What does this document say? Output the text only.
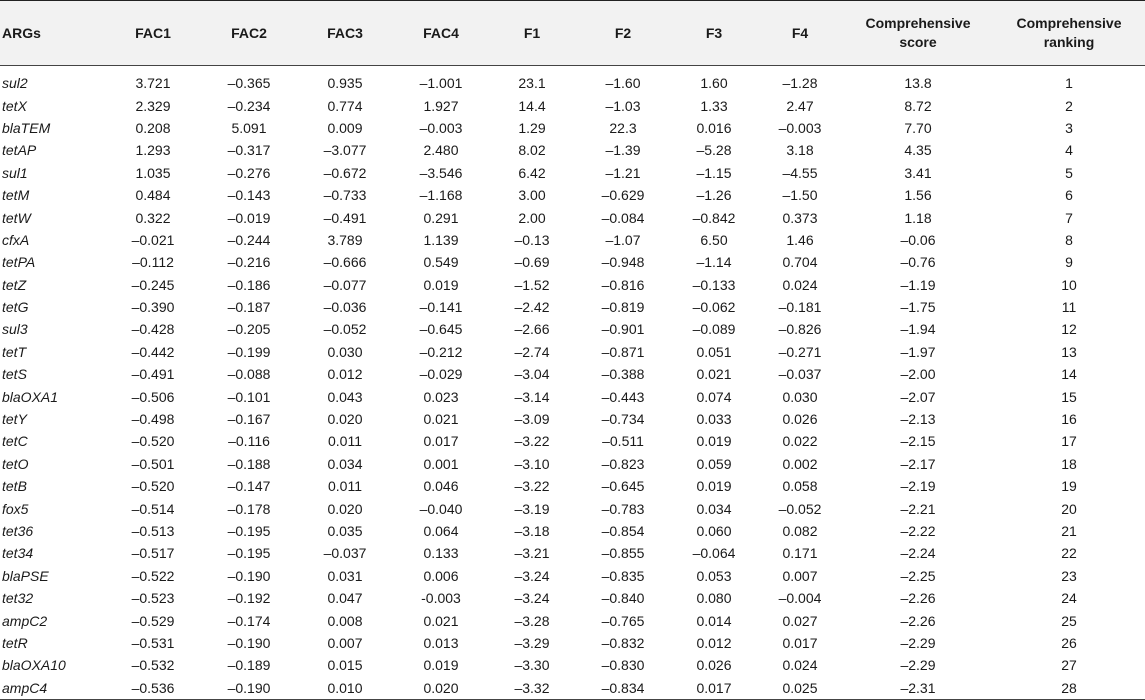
ARGs	FAC1	FAC2	FAC3	FAC4	F1	F2	F3	F4	Comprehensive score	Comprehensive ranking
sul2	3.721	–0.365	0.935	–1.001	23.1	–1.60	1.60	–1.28	13.8	1
tetX	2.329	–0.234	0.774	1.927	14.4	–1.03	1.33	2.47	8.72	2
blaTEM	0.208	5.091	0.009	–0.003	1.29	22.3	0.016	–0.003	7.70	3
tetAP	1.293	–0.317	–3.077	2.480	8.02	–1.39	–5.28	3.18	4.35	4
sul1	1.035	–0.276	–0.672	–3.546	6.42	–1.21	–1.15	–4.55	3.41	5
tetM	0.484	–0.143	–0.733	–1.168	3.00	–0.629	–1.26	–1.50	1.56	6
tetW	0.322	–0.019	–0.491	0.291	2.00	–0.084	–0.842	0.373	1.18	7
cfxA	–0.021	–0.244	3.789	1.139	–0.13	–1.07	6.50	1.46	–0.06	8
tetPA	–0.112	–0.216	–0.666	0.549	–0.69	–0.948	–1.14	0.704	–0.76	9
tetZ	–0.245	–0.186	–0.077	0.019	–1.52	–0.816	–0.133	0.024	–1.19	10
tetG	–0.390	–0.187	–0.036	–0.141	–2.42	–0.819	–0.062	–0.181	–1.75	11
sul3	–0.428	–0.205	–0.052	–0.645	–2.66	–0.901	–0.089	–0.826	–1.94	12
tetT	–0.442	–0.199	0.030	–0.212	–2.74	–0.871	0.051	–0.271	–1.97	13
tetS	–0.491	–0.088	0.012	–0.029	–3.04	–0.388	0.021	–0.037	–2.00	14
blaOXA1	–0.506	–0.101	0.043	0.023	–3.14	–0.443	0.074	0.030	–2.07	15
tetY	–0.498	–0.167	0.020	0.021	–3.09	–0.734	0.033	0.026	–2.13	16
tetC	–0.520	–0.116	0.011	0.017	–3.22	–0.511	0.019	0.022	–2.15	17
tetO	–0.501	–0.188	0.034	0.001	–3.10	–0.823	0.059	0.002	–2.17	18
tetB	–0.520	–0.147	0.011	0.046	–3.22	–0.645	0.019	0.058	–2.19	19
fox5	–0.514	–0.178	0.020	–0.040	–3.19	–0.783	0.034	–0.052	–2.21	20
tet36	–0.513	–0.195	0.035	0.064	–3.18	–0.854	0.060	0.082	–2.22	21
tet34	–0.517	–0.195	–0.037	0.133	–3.21	–0.855	–0.064	0.171	–2.24	22
blaPSE	–0.522	–0.190	0.031	0.006	–3.24	–0.835	0.053	0.007	–2.25	23
tet32	–0.523	–0.192	0.047	-0.003	–3.24	–0.840	0.080	–0.004	–2.26	24
ampC2	–0.529	–0.174	0.008	0.021	–3.28	–0.765	0.014	0.027	–2.26	25
tetR	–0.531	–0.190	0.007	0.013	–3.29	–0.832	0.012	0.017	–2.29	26
blaOXA10	–0.532	–0.189	0.015	0.019	–3.30	–0.830	0.026	0.024	–2.29	27
ampC4	–0.536	–0.190	0.010	0.020	–3.32	–0.834	0.017	0.025	–2.31	28
